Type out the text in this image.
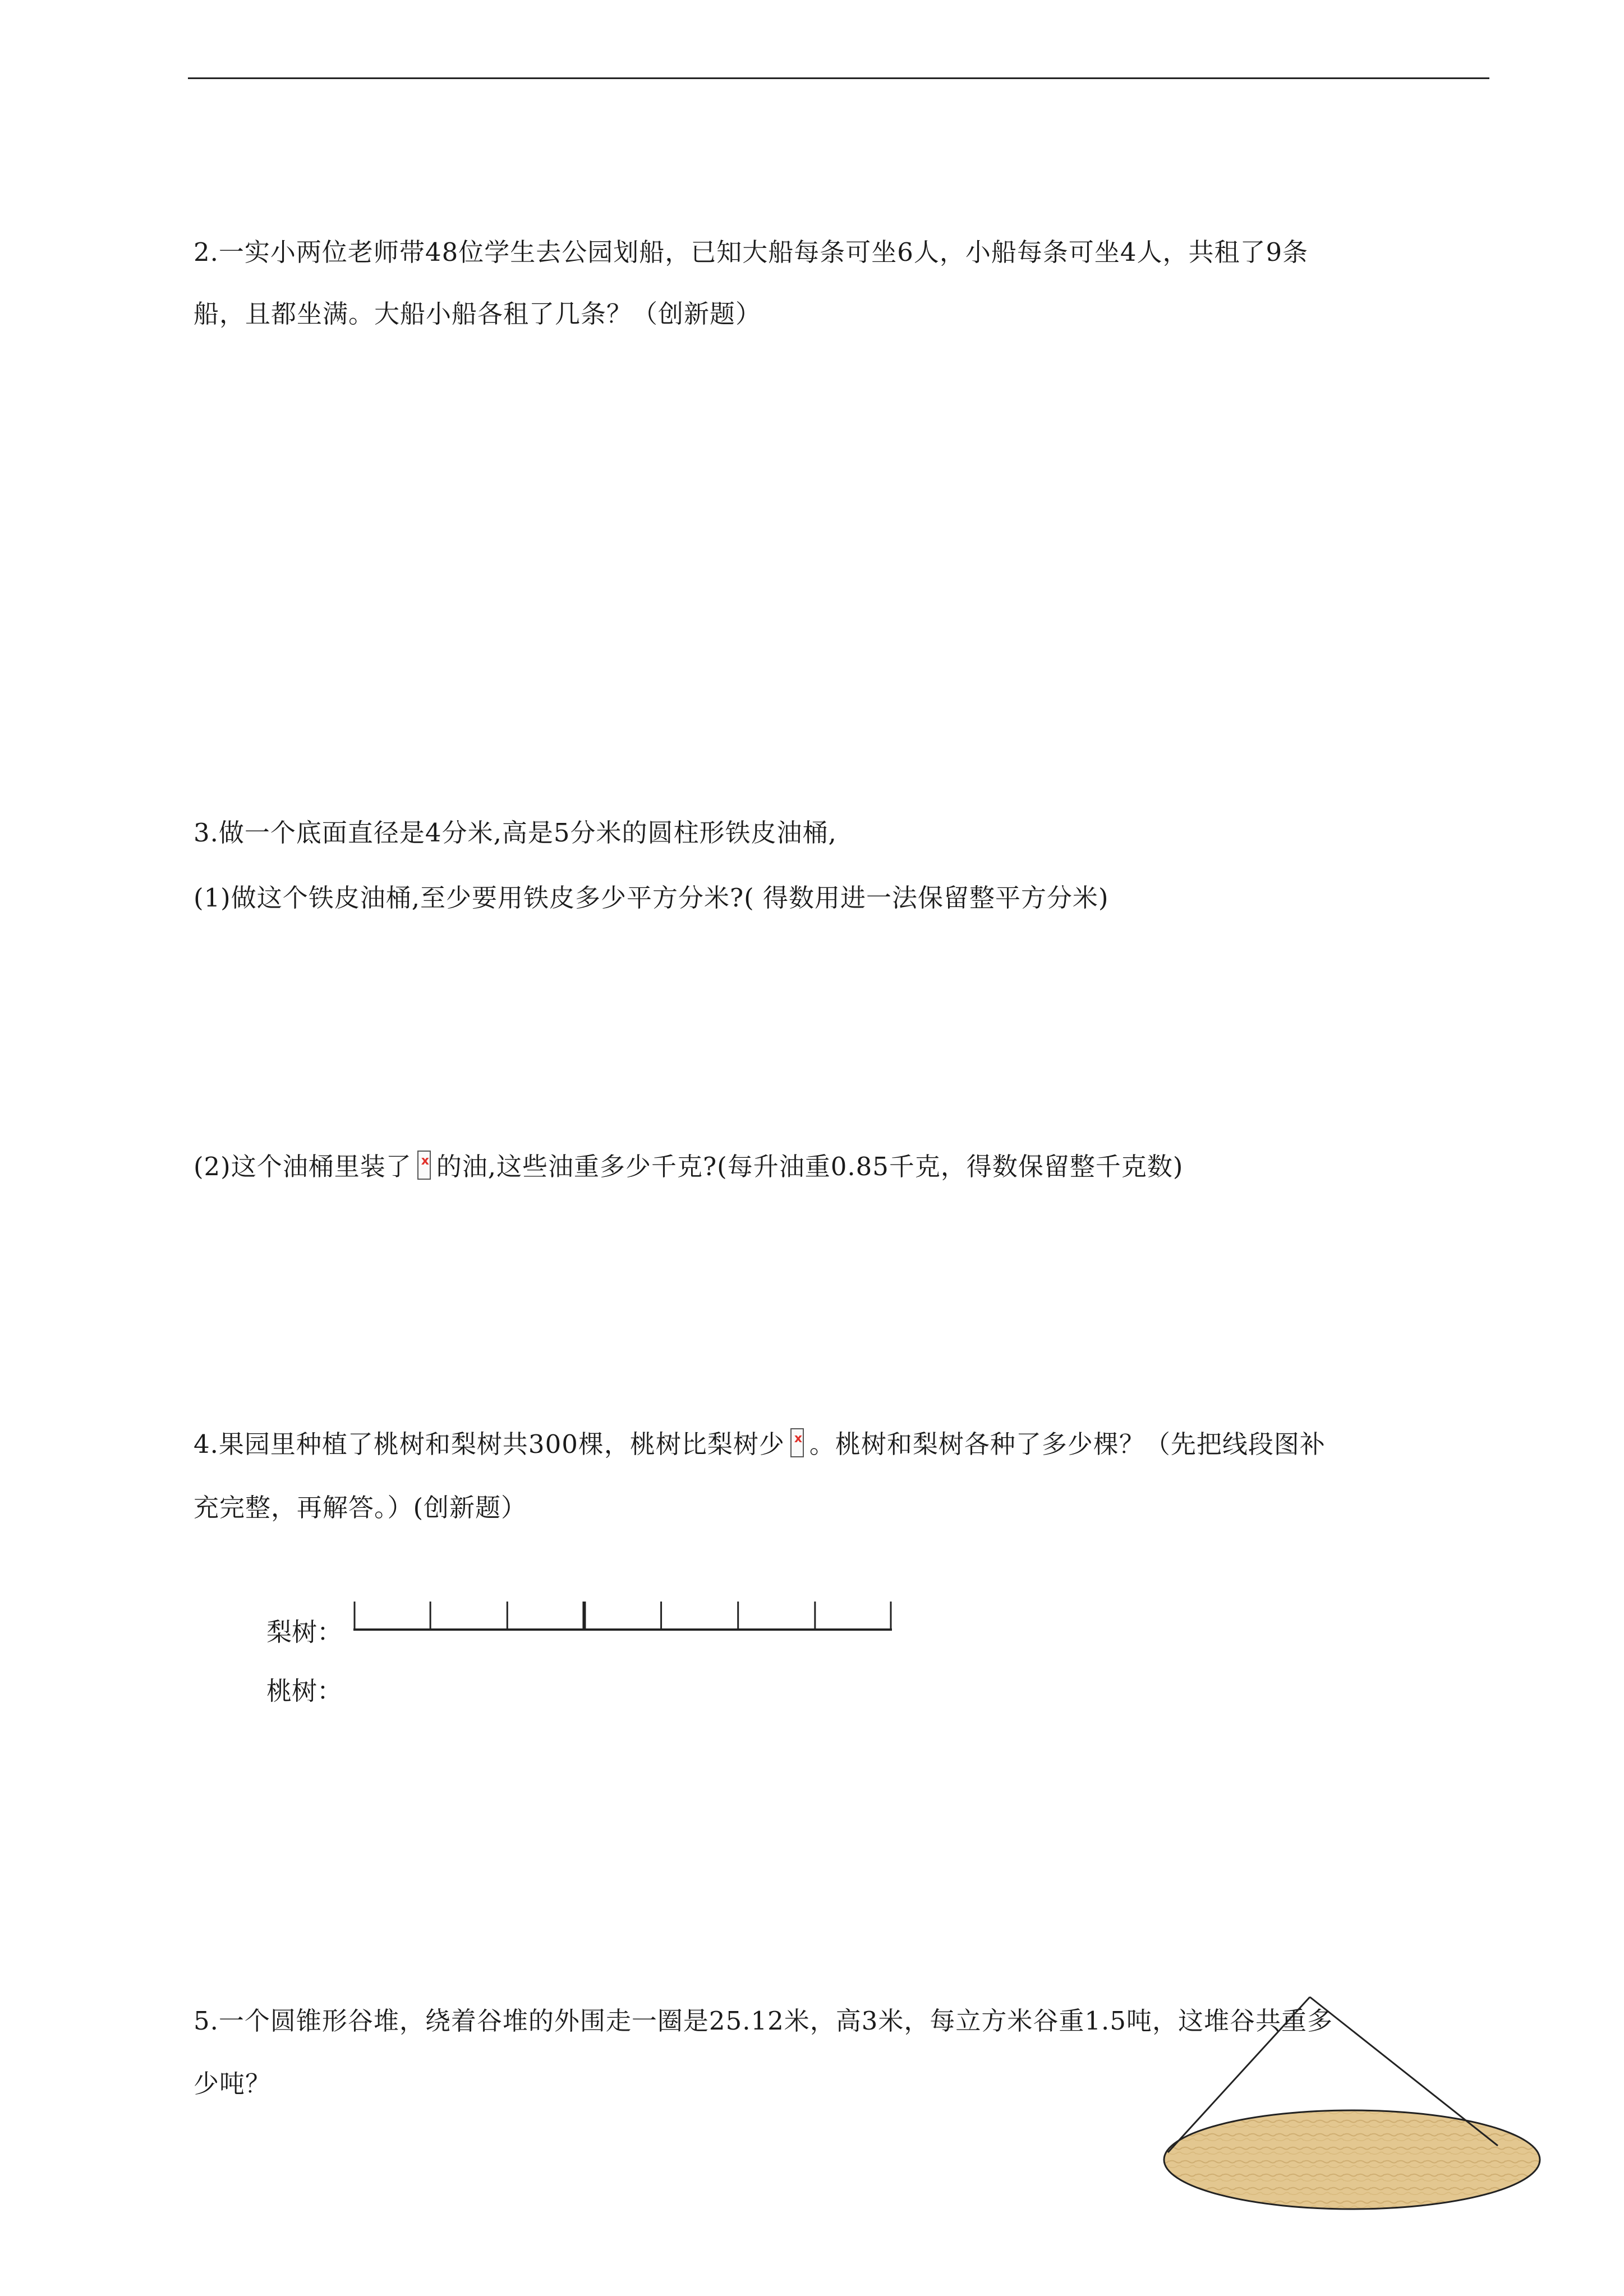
2.一实小两位老师带48位学生去公园划船，已知大船每条可坐6人，小船每条可坐4人，共租了9条
船，且都坐满。大船小船各租了几条？（创新题）
3.做一个底面直径是4分米,高是5分米的圆柱形铁皮油桶,
(1)做这个铁皮油桶,至少要用铁皮多少平方分米?( 得数用进一法保留整平方分米)
(2)这个油桶里装了 x 的油,这些油重多少千克?(每升油重0.85千克，得数保留整千克数)
4.果园里种植了桃树和梨树共300棵，桃树比梨树少 x 。桃树和梨树各种了多少棵？（先把线段图补
充完整，再解答。）(创新题）
梨树：
桃树：
5.一个圆锥形谷堆，绕着谷堆的外围走一圈是25.12米，高3米，每立方米谷重1.5吨，这堆谷共重多
少吨？
